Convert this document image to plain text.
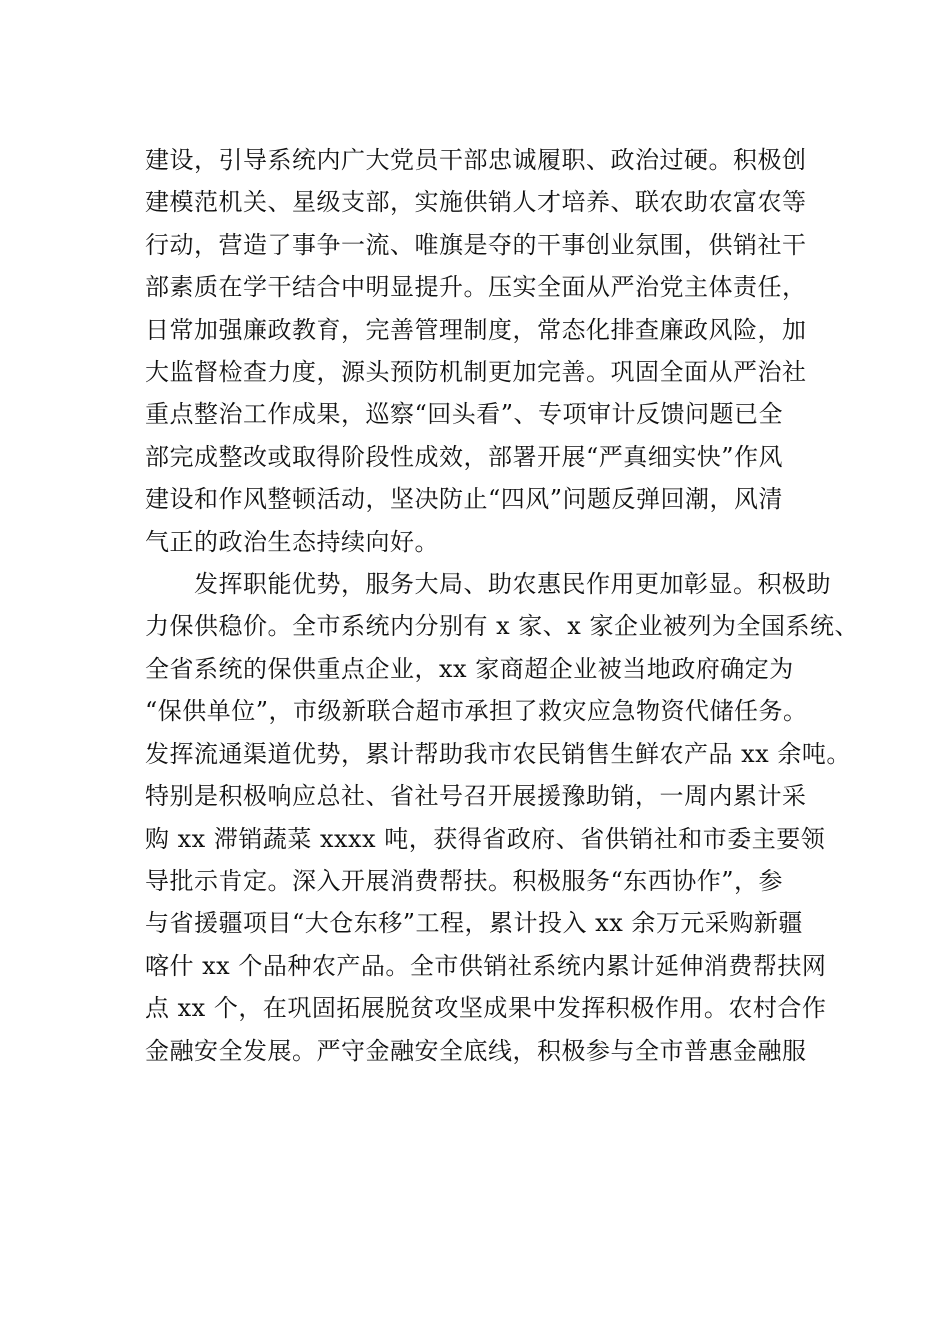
建设，引导系统内广大党员干部忠诚履职、政治过硬。积极创
建模范机关、星级支部，实施供销人才培养、联农助农富农等
行动，营造了事争一流、唯旗是夺的干事创业氛围，供销社干
部素质在学干结合中明显提升。压实全面从严治党主体责任，
日常加强廉政教育，完善管理制度，常态化排查廉政风险，加
大监督检查力度，源头预防机制更加完善。巩固全面从严治社
重点整治工作成果，巡察“回头看”、专项审计反馈问题已全
部完成整改或取得阶段性成效，部署开展“严真细实快”作风
建设和作风整顿活动，坚决防止“四风”问题反弹回潮，风清
气正的政治生态持续向好。

　　发挥职能优势，服务大局、助农惠民作用更加彰显。积极助
力保供稳价。全市系统内分别有 x 家、x 家企业被列为全国系统、
全省系统的保供重点企业，xx 家商超企业被当地政府确定为
“保供单位”，市级新联合超市承担了救灾应急物资代储任务。
发挥流通渠道优势，累计帮助我市农民销售生鲜农产品 xx 余吨。
特别是积极响应总社、省社号召开展援豫助销，一周内累计采
购 xx 滞销蔬菜 xxxx 吨，获得省政府、省供销社和市委主要领
导批示肯定。深入开展消费帮扶。积极服务“东西协作”，参
与省援疆项目“大仓东移”工程，累计投入 xx 余万元采购新疆
喀什 xx 个品种农产品。全市供销社系统内累计延伸消费帮扶网
点 xx 个，在巩固拓展脱贫攻坚成果中发挥积极作用。农村合作
金融安全发展。严守金融安全底线，积极参与全市普惠金融服
